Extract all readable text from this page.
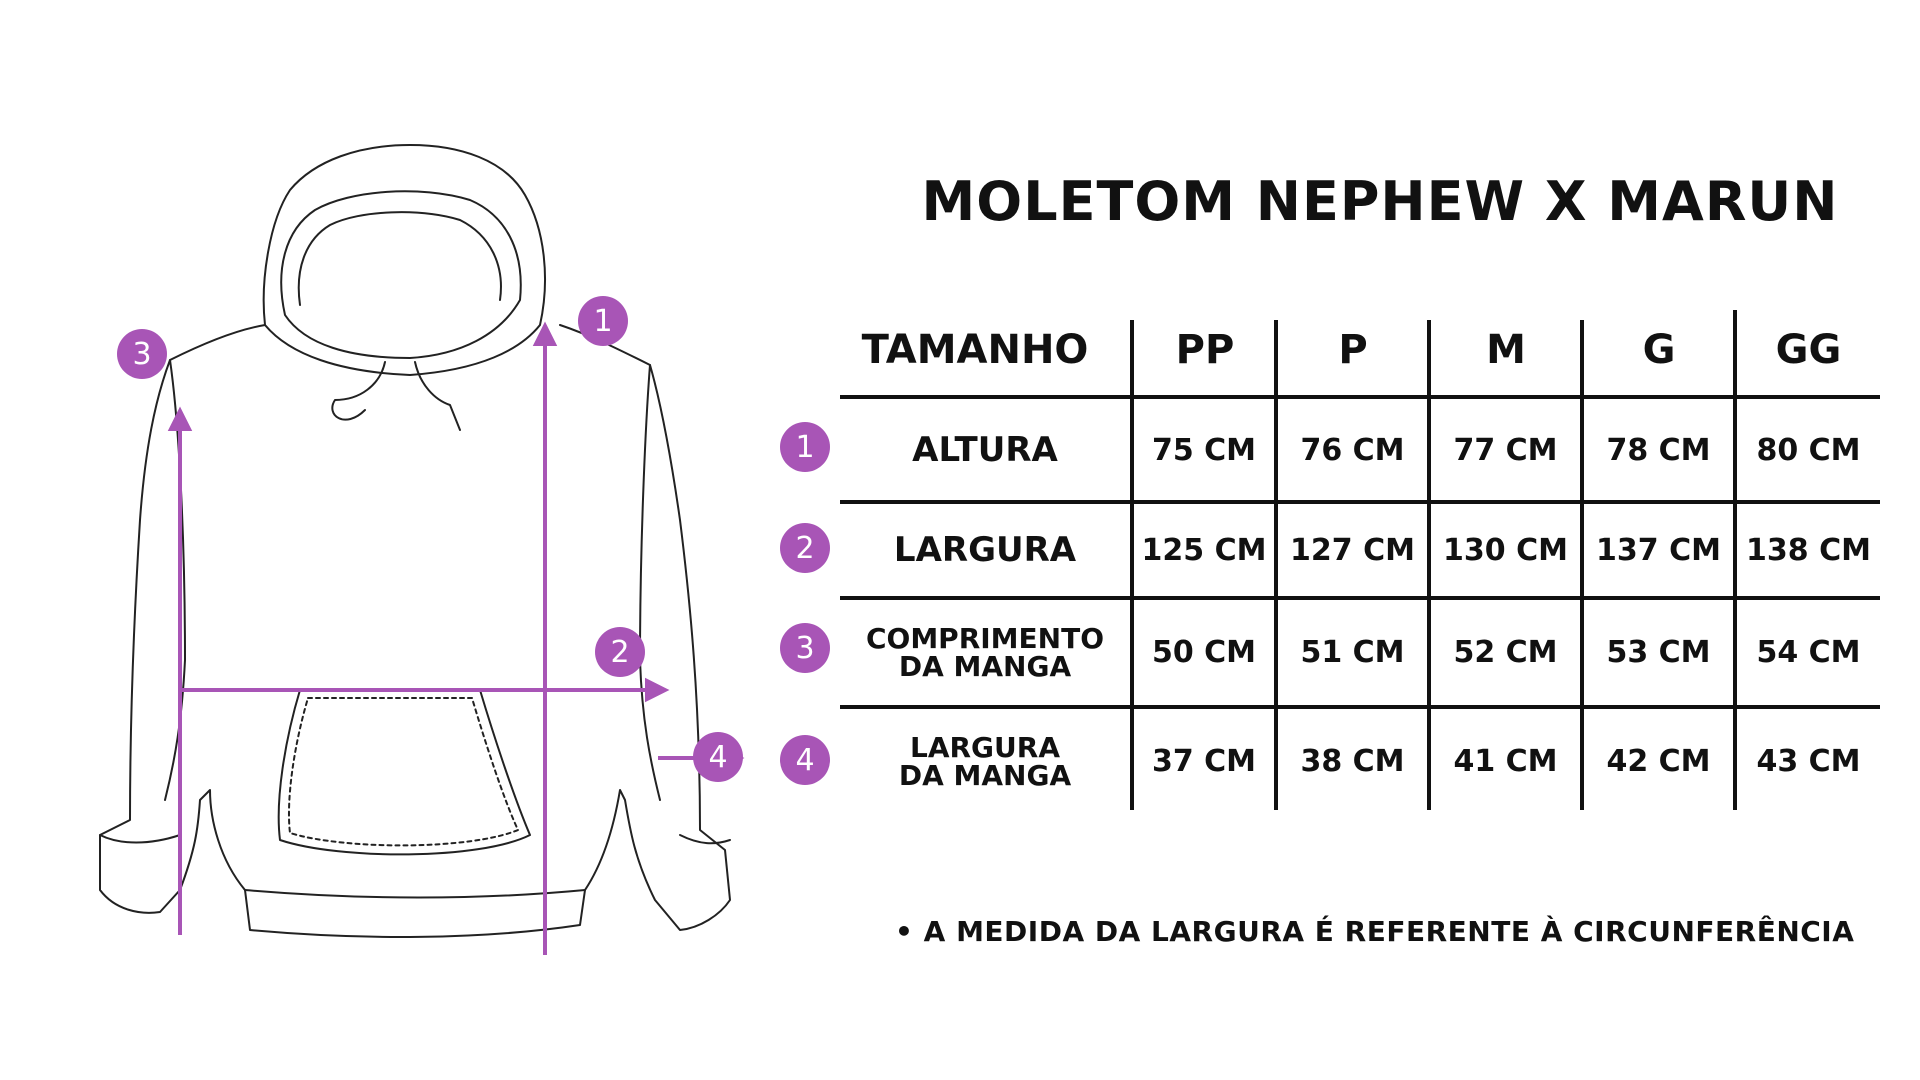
1
2
3
4
MOLETOM NEPHEW X MARUN
TAMANHO	PP	P	M	G	GG
1	ALTURA	75 CM	76 CM	77 CM	78 CM	80 CM
2	LARGURA	125 CM 127 CM 130 CM 137 CM 138 CM
3	COMPRIMENTO
DA MANGA	50 CM	51 CM	52 CM	53 CM	54 CM
4	LARGURA
DA MANGA	37 CM	38 CM	41 CM	42 CM	43 CM
• A MEDIDA DA LARGURA É REFERENTE À CIRCUNFERÊNCIA
